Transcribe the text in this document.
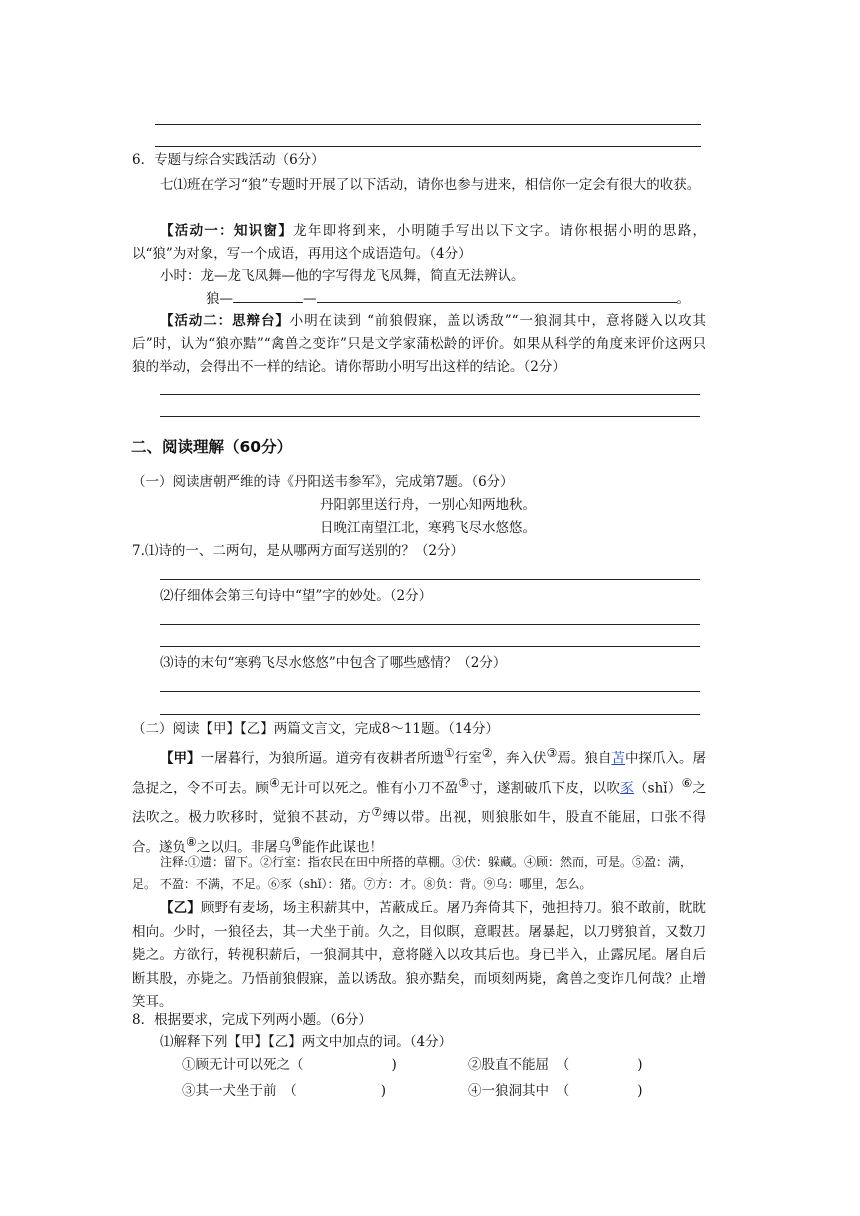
6．专题与综合实践活动（6分）
七⑴班在学习“狼”专题时开展了以下活动，请你也参与进来，相信你一定会有很大的收获。
【活动一：知识窗】龙年即将到来，小明随手写出以下文字。请你根据小明的思路，以“狼”为对象，写一个成语，再用这个成语造句。（4分）
小时：龙—龙飞凤舞—他的字写得龙飞凤舞，简直无法辨认。
狼—	—	。
【活动二：思辩台】小明在读到 “前狼假寐，盖以诱敌”“一狼洞其中，意将隧入以攻其后”时，认为“狼亦黠”“禽兽之变诈”只是文学家蒲松龄的评价。如果从科学的角度来评价这两只狼的举动，会得出不一样的结论。请你帮助小明写出这样的结论。（2分）
二、阅读理解（60分）
（一）阅读唐朝严维的诗《丹阳送韦参军》，完成第7题。（6分）
丹阳郭里送行舟，一别心知两地秋。
日晚江南望江北，寒鸦飞尽水悠悠。
7.⑴诗的一、二两句，是从哪两方面写送别的？（2分）
⑵仔细体会第三句诗中“望”字的妙处。（2分）
⑶诗的末句“寒鸦飞尽水悠悠”中包含了哪些感情？（2分）
（二）阅读【甲】【乙】两篇文言文，完成8～11题。（14分）
【甲】一屠暮行，为狼所逼。道旁有夜耕者所遗①行室②，奔入伏③焉。狼自苫中探爪入。屠急捉之，令不可去。顾④无计可以死之。惟有小刀不盈⑤寸，遂割破爪下皮，以吹豕（shǐ）⑥之法吹之。极力吹移时，觉狼不甚动，方⑦缚以带。出视，则狼胀如牛，股直不能屈，口张不得合。遂负⑧之以归。非屠乌⑨能作此谋也！
注释:①遗：留下。②行室：指农民在田中所搭的草棚。③伏：躲藏。④顾：然而，可是。⑤盈：满，
足。 不盈：不满，不足。⑥豕（shǐ）：猪。⑦方：才。⑧负：背。⑨乌：哪里，怎么。
【乙】顾野有麦场，场主积薪其中，苫蔽成丘。屠乃奔倚其下，弛担持刀。狼不敢前，眈眈相向。少时，一狼径去，其一犬坐于前。久之，目似瞑，意暇甚。屠暴起，以刀劈狼首，又数刀毙之。方欲行，转视积薪后，一狼洞其中，意将隧入以攻其后也。身已半入，止露尻尾。屠自后断其股，亦毙之。乃悟前狼假寐，盖以诱敌。狼亦黠矣，而顷刻两毙，禽兽之变诈几何哉？止增笑耳。
8．根据要求，完成下列两小题。（6分）
⑴解释下列【甲】【乙】两文中加点的词。（4分）
①顾无计可以死之（	)	②股直不能屈　（	)
③其一犬坐于前　（	)	④一狼洞其中　（	)
